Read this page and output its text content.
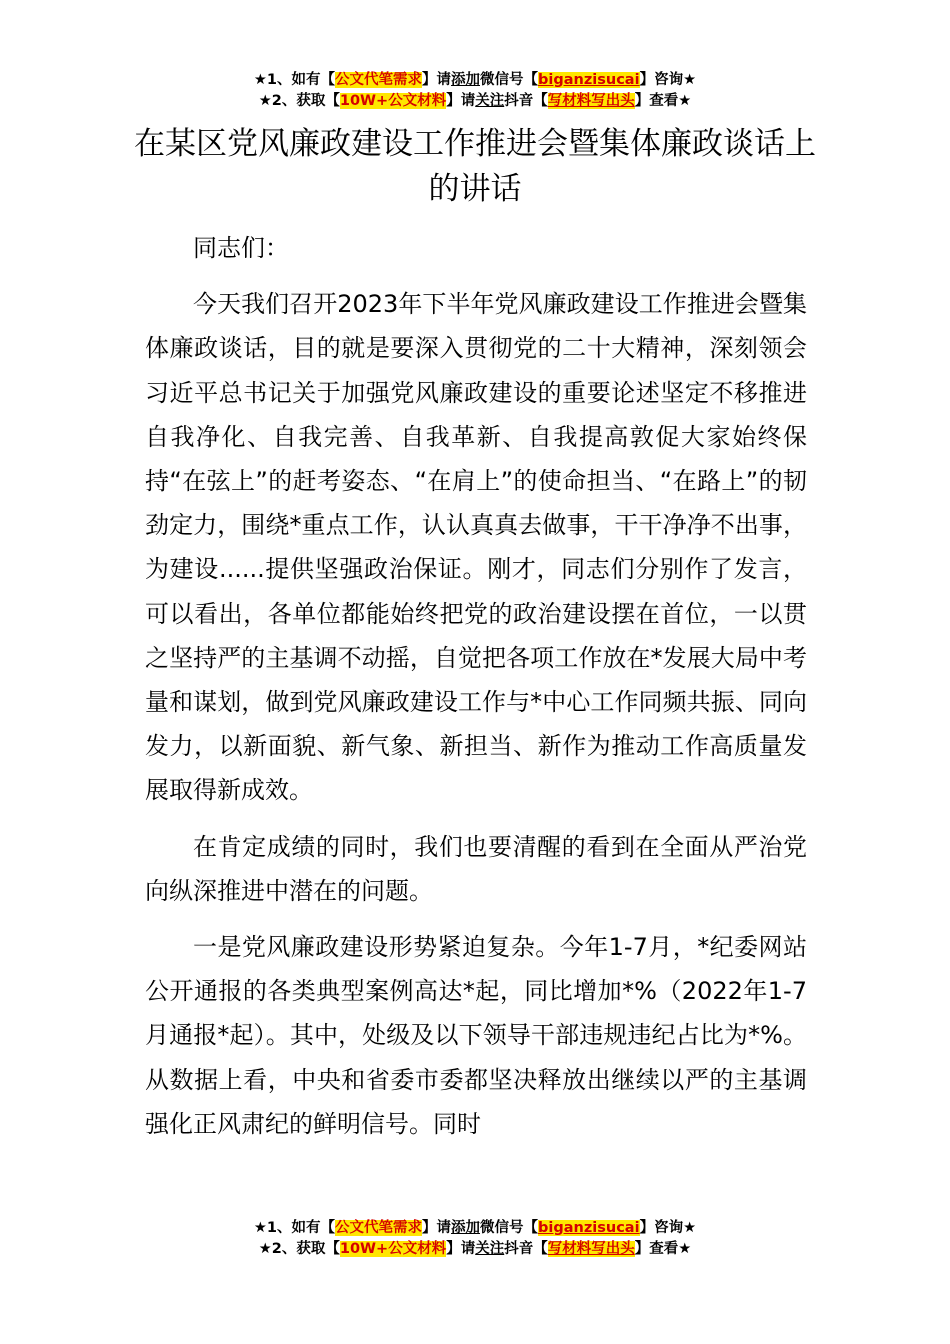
★1、如有【公文代笔需求】请添加微信号【biganzisucai】咨询★
★2、获取【10W+公文材料】请关注抖音【写材料写出头】查看★
在某区党风廉政建设工作推进会暨集体廉政谈话上的讲话

同志们：

今天我们召开2023年下半年党风廉政建设工作推进会暨集体廉政谈话，目的就是要深入贯彻党的二十大精神，深刻领会习近平总书记关于加强党风廉政建设的重要论述坚定不移推进自我净化、自我完善、自我革新、自我提高敦促大家始终保持“在弦上”的赶考姿态、“在肩上”的使命担当、“在路上”的韧劲定力，围绕*重点工作，认认真真去做事，干干净净不出事，为建设......提供坚强政治保证。刚才，同志们分别作了发言，可以看出，各单位都能始终把党的政治建设摆在首位，一以贯之坚持严的主基调不动摇，自觉把各项工作放在*发展大局中考量和谋划，做到党风廉政建设工作与*中心工作同频共振、同向发力，以新面貌、新气象、新担当、新作为推动工作高质量发展取得新成效。

在肯定成绩的同时，我们也要清醒的看到在全面从严治党向纵深推进中潜在的问题。

一是党风廉政建设形势紧迫复杂。今年1-7月，*纪委网站公开通报的各类典型案例高达*起，同比增加*%（2022年1-7月通报*起）。其中，处级及以下领导干部违规违纪占比为*%。从数据上看，中央和省委市委都坚决释放出继续以严的主基调强化正风肃纪的鲜明信号。同时

★1、如有【公文代笔需求】请添加微信号【biganzisucai】咨询★
★2、获取【10W+公文材料】请关注抖音【写材料写出头】查看★
